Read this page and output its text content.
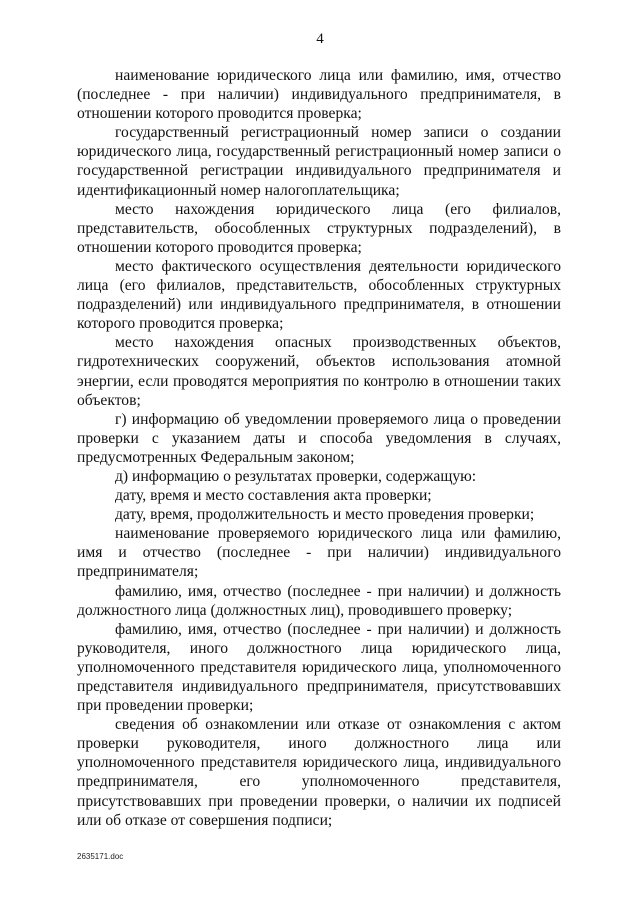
4

наименование юридического лица или фамилию, имя, отчество (последнее - при наличии) индивидуального предпринимателя, в отношении которого проводится проверка;

государственный регистрационный номер записи о создании юридического лица, государственный регистрационный номер записи о государственной регистрации индивидуального предпринимателя и идентификационный номер налогоплательщика;

место нахождения юридического лица (его филиалов, представительств, обособленных структурных подразделений), в отношении которого проводится проверка;

место фактического осуществления деятельности юридического лица (его филиалов, представительств, обособленных структурных подразделений) или индивидуального предпринимателя, в отношении которого проводится проверка;

место нахождения опасных производственных объектов, гидротехнических сооружений, объектов использования атомной энергии, если проводятся мероприятия по контролю в отношении таких объектов;

г) информацию об уведомлении проверяемого лица о проведении проверки с указанием даты и способа уведомления в случаях, предусмотренных Федеральным законом;

д) информацию о результатах проверки, содержащую:

дату, время и место составления акта проверки;

дату, время, продолжительность и место проведения проверки;

наименование проверяемого юридического лица или фамилию, имя и отчество (последнее - при наличии) индивидуального предпринимателя;

фамилию, имя, отчество (последнее - при наличии) и должность должностного лица (должностных лиц), проводившего проверку;

фамилию, имя, отчество (последнее - при наличии) и должность руководителя, иного должностного лица юридического лица, уполномоченного представителя юридического лица, уполномоченного представителя индивидуального предпринимателя, присутствовавших при проведении проверки;

сведения об ознакомлении или отказе от ознакомления с актом проверки руководителя, иного должностного лица или уполномоченного представителя юридического лица, индивидуального предпринимателя, его уполномоченного представителя, присутствовавших при проведении проверки, о наличии их подписей или об отказе от совершения подписи;

2635171.doc
